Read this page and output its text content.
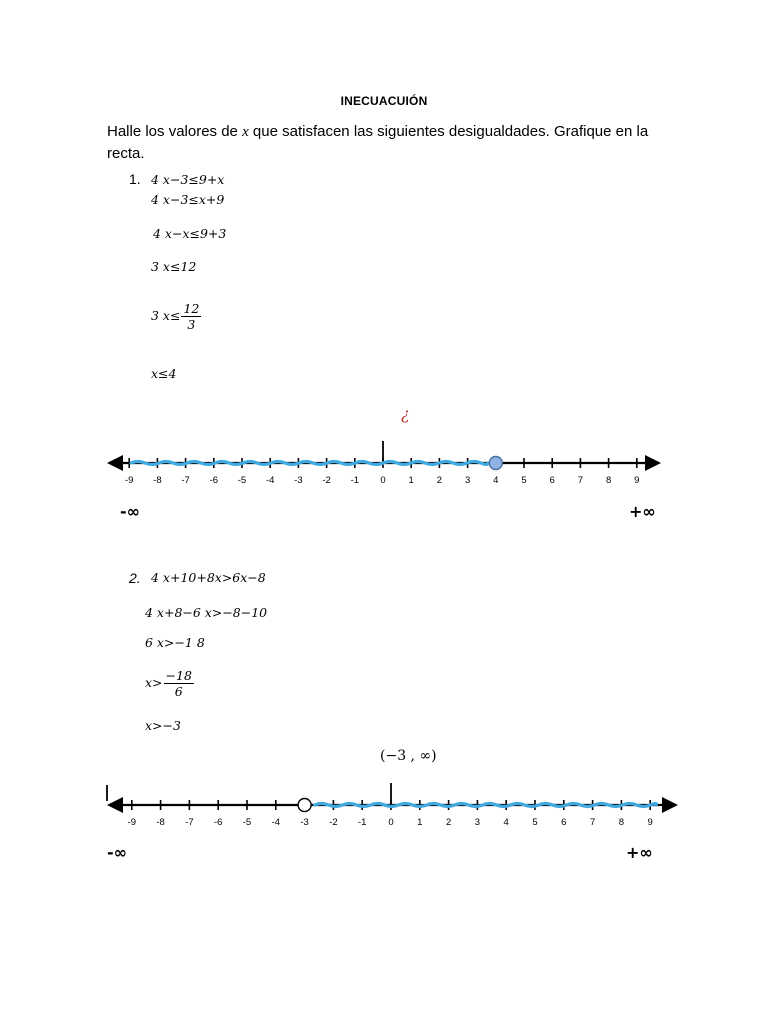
INECUACUIÓN
Halle los valores de x que satisfacen las siguientes desigualdades. Grafique en la recta.
1. 4 x−3≤9+x
4 x−3≤x+9
4 x−x≤9+3
3 x≤12
3 $x\le \frac{12}{3}$
x≤4
¿
-9 -8 -7 -6 -5 -4 -3 -2 -1 0 1 2 3 4 5 6 7 8 9
-∞	+∞
2. 4 x+10+8x>6x−8
4 x+8−6 x>−8−10
6 x>−1 8
$x> \frac{-18}{6}$
x>−3
(−3 , ∞)
-9 -8 -7 -6 -5 -4 -3 -2 -1 0 1 2 3 4 5 6 7 8 9
-∞	+∞
